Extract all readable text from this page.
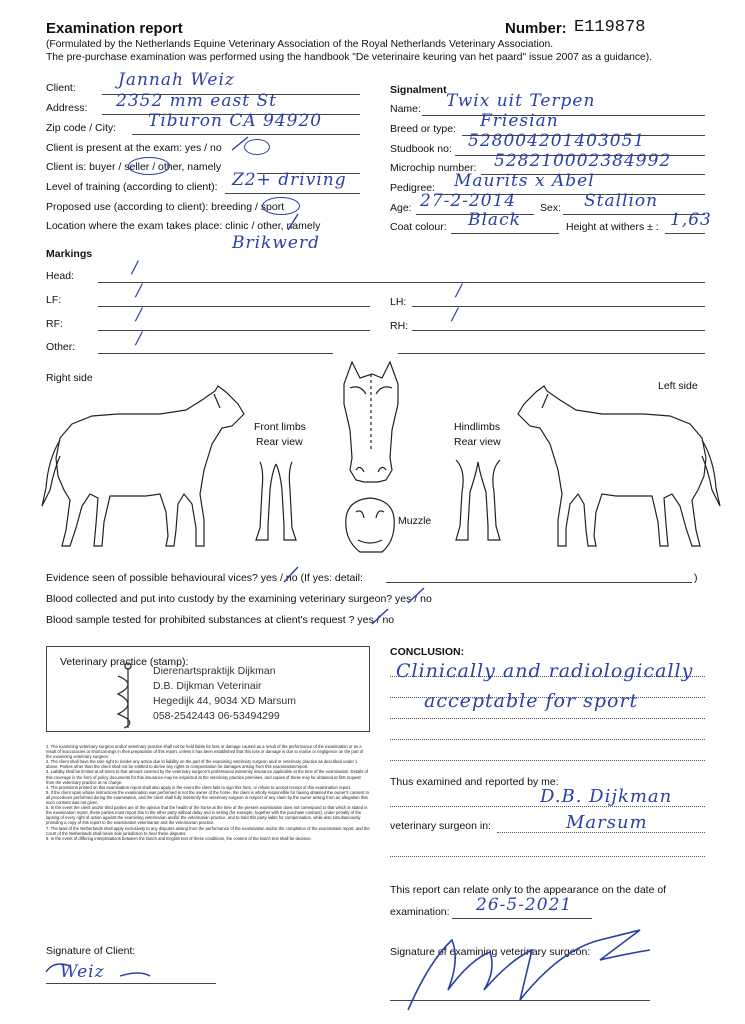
Examination report	Number: E119878
(Formulated by the Netherlands Equine Veterinary Association of the Royal Netherlands Veterinary Association.
The pre-purchase examination was performed using the handbook "De veterinaire keuring van het paard" issue 2007 as a guidance).
Client: Jannah Weiz
Address: 2352 mm east St
Zip code / City: Tiburon CA 94920
Client is present at the exam: yes / no
Client is: buyer / seller / other, namely
Level of training (according to client): Z2+ driving
Proposed use (according to client): breeding / sport
Location where the exam takes place: clinic / other, namely
Brikwerd
Signalment
Name: Twix uit Terpen
Breed or type: Friesian
Studbook no: 528004201403051
Microchip number: 528210002384992
Pedigree: Maurits x Abel
Age: 27-2-2014 Sex: Stallion
Coat colour: Black	Height at withers ± : 1,63
Markings
Head:	/
LF:	/
LH:
/
RF:	/
RH:
/
Other:	/
Right side
Left side
Front limbs
Rear view
Hindlimbs
Rear view
Muzzle
Evidence seen of possible behavioural vices? yes / no (If yes: detail:	)
Blood collected and put into custody by the examining veterinary surgeon? yes / no
Blood sample tested for prohibited substances at client's request ? yes / no
Veterinary practice (stamp):
Dierenartspraktijk Dijkman
D.B. Dijkman Veterinair
Hegedijk 44, 9034 XD Marsum
058-2542443 06-53494299
CONCLUSION:
Clinically and radiologically
acceptable for sport
1. The examining veterinary surgeon and/or veterinary practice shall not be held liable for loss or damage caused as a result of the performance of the examination or as a result of inaccuracies or shortcomings in their preparation of this report, unless it has been established that this loss or damage is due to malice or negligence on the part of the examining veterinary surgeon.
2. The client shall have the sole right to invoke any action due to liability on the part of the examining veterinary surgeon and/ or veterinary practice as described under 1 above. Parties other than the client shall not be entitled to derive any rights to compensation for damages arising from this examination/report.
3. Liability shall be limited at all times to that amount covered by the veterinary surgeon's professional indemnity insurance applicable at the time of the examination. Details of this coverage in the form of policy documents for this insurance may be inspected at the veterinary practice premises, and copies of these may be obtained at first request from the veterinary practice at no charge.
4. The provisions printed on this examination report shall also apply in the event the client fails to sign this form, or refuse to accept receipt of this examination report.
5. If the client upon whose instructions the examination was performed is not the owner of the horse, the client is wholly responsible for having obtained the owner's consent to all procedures performed during the examination, and the client shall fully indemnify the veterinary surgeon in respect of any claim by the owner arising from an allegation that such consent was not given.
6. In the event the client and/or third parties are of the opinion that the health of the horse at the time of the present examination does not correspond to that which is stated in the examination report, these parties must report this to the other party without delay and in writing (for example, together with the purchase contract), under penalty of the lapsing of every right of action against the examining veterinarian and/or the veterinarian practice, and to hold this party liable for compensation, while also simultaneously providing a copy of this report to the examination veterinarian and the veterinarian practice.
7. The laws of the Netherlands shall apply exclusively to any disputes arising from the performance of the examination and/or the completion of the examination report, and the Court of the Netherlands shall retain sole jurisdiction to hear these disputes.
8. In the event of differing interpretations between the Dutch and English text of these conditions, the content of the Dutch text shall be decisive.
Thus examined and reported by me:
D.B. Dijkman
veterinary surgeon in:	Marsum
This report can relate only to the appearance on the date of
examination: 26-5-2021
Signature of examining veterinary surgeon:
Signature of Client:
Weiz
